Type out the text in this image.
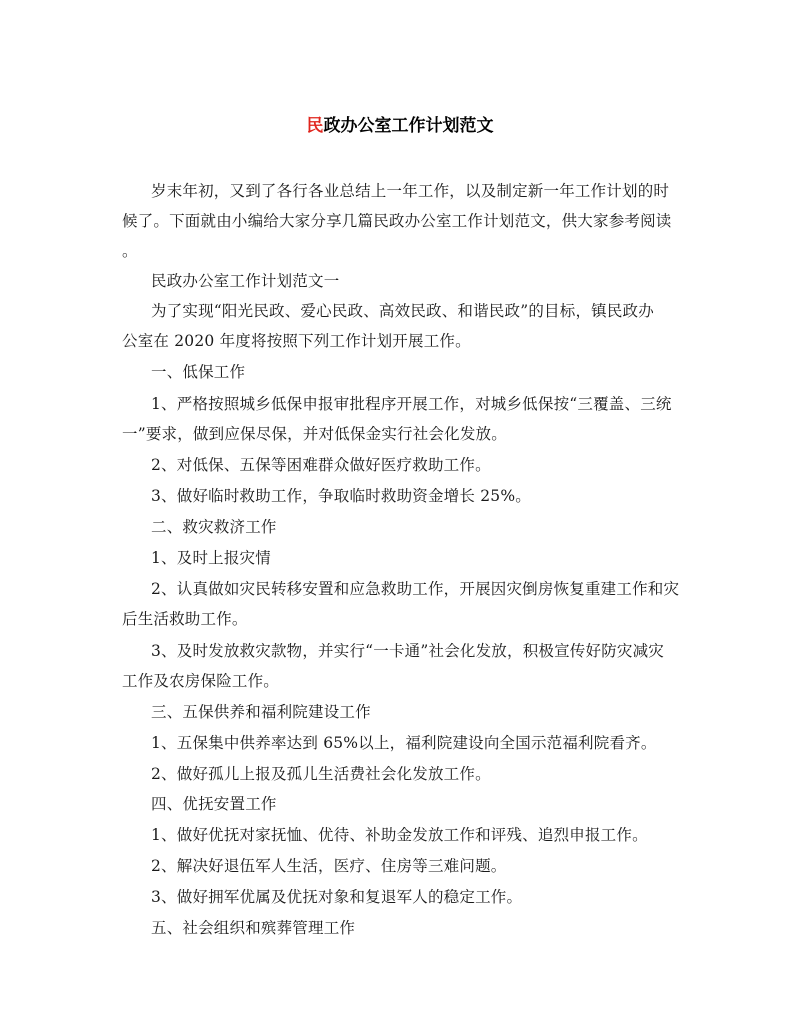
民政办公室工作计划范文
岁末年初，又到了各行各业总结上一年工作，以及制定新一年工作计划的时
候了。下面就由小编给大家分享几篇民政办公室工作计划范文，供大家参考阅读
。
民政办公室工作计划范文一
为了实现“阳光民政、爱心民政、高效民政、和谐民政”的目标，镇民政办
公室在 2020 年度将按照下列工作计划开展工作。
一、低保工作
1、严格按照城乡低保申报审批程序开展工作，对城乡低保按“三覆盖、三统
一”要求，做到应保尽保，并对低保金实行社会化发放。
2、对低保、五保等困难群众做好医疗救助工作。
3、做好临时救助工作，争取临时救助资金增长 25%。
二、救灾救济工作
1、及时上报灾情
2、认真做如灾民转移安置和应急救助工作，开展因灾倒房恢复重建工作和灾
后生活救助工作。
3、及时发放救灾款物，并实行“一卡通”社会化发放，积极宣传好防灾减灾
工作及农房保险工作。
三、五保供养和福利院建设工作
1、五保集中供养率达到 65%以上，福利院建设向全国示范福利院看齐。
2、做好孤儿上报及孤儿生活费社会化发放工作。
四、优抚安置工作
1、做好优抚对家抚恤、优待、补助金发放工作和评残、追烈申报工作。
2、解决好退伍军人生活，医疗、住房等三难问题。
3、做好拥军优属及优抚对象和复退军人的稳定工作。
五、社会组织和殡葬管理工作
